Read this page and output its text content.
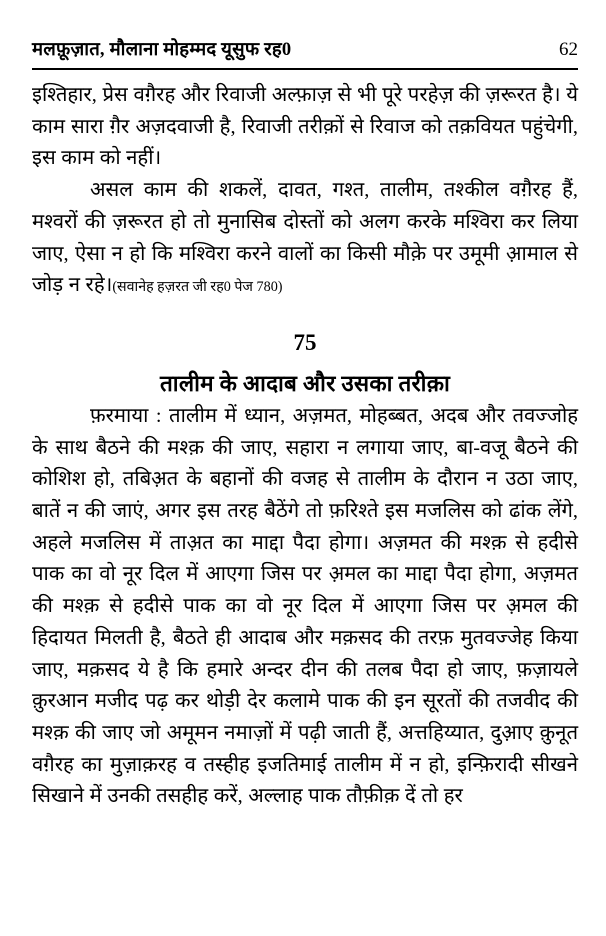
मलफ़ूज़ात, मौलाना मोहम्मद यूसुफ रह0	62

इश्तिहार, प्रेस वग़ैरह और रिवाजी अल्फ़ाज़ से भी पूरे परहेज़ की ज़रूरत है। ये काम सारा ग़ैर अज़दवाजी है, रिवाजी तरीक़ों से रिवाज को तक़वियत पहुंचेगी, इस काम को नहीं।

असल काम की शकलें, दावत, गश्त, तालीम, तश्कील वग़ैरह हैं, मश्वरों की ज़रूरत हो तो मुनासिब दोस्तों को अलग करके मश्विरा कर लिया जाए, ऐसा न हो कि मश्विरा करने वालों का किसी मौक़े पर उमूमी आ़माल से जोड़ न रहे।(सवानेह हज़रत जी रह0 पेज 780)

75

तालीम के आदाब और उसका तरीक़ा

फ़रमाया : तालीम में ध्यान, अज़मत, मोहब्बत, अदब और तवज्जोह के साथ बैठने की मश्क़ की जाए, सहारा न लगाया जाए, बा-वजू बैठने की कोशिश हो, तबिअ़त के बहानों की वजह से तालीम के दौरान न उठा जाए, बातें न की जाएं, अगर इस तरह बैठेंगे तो फ़रिश्ते इस मजलिस को ढांक लेंगे, अहले मजलिस में ताअ़त का माद्दा पैदा होगा। अज़मत की मश्क़ से हदीसे पाक का वो नूर दिल में आएगा जिस पर अ़मल का माद्दा पैदा होगा, अज़मत की मश्क़ से हदीसे पाक का वो नूर दिल में आएगा जिस पर अ़मल की हिदायत मिलती है, बैठते ही आदाब और मक़सद की तरफ़ मुतवज्जेह किया जाए, मक़सद ये है कि हमारे अन्दर दीन की तलब पैदा हो जाए, फ़ज़ायले क़ुरआन मजीद पढ़ कर थोड़ी देर कलामे पाक की इन सूरतों की तजवीद की मश्क़ की जाए जो अमूमन नमाज़ों में पढ़ी जाती हैं, अत्तहिय्यात, दुआ़ए क़ुनूत वग़ैरह का मुज़ाक़रह व तस्हीह इजतिमाई तालीम में न हो, इन्फ़िरादी सीखने सिखाने में उनकी तसहीह करें, अल्लाह पाक तौफ़ीक़ दें तो हर
